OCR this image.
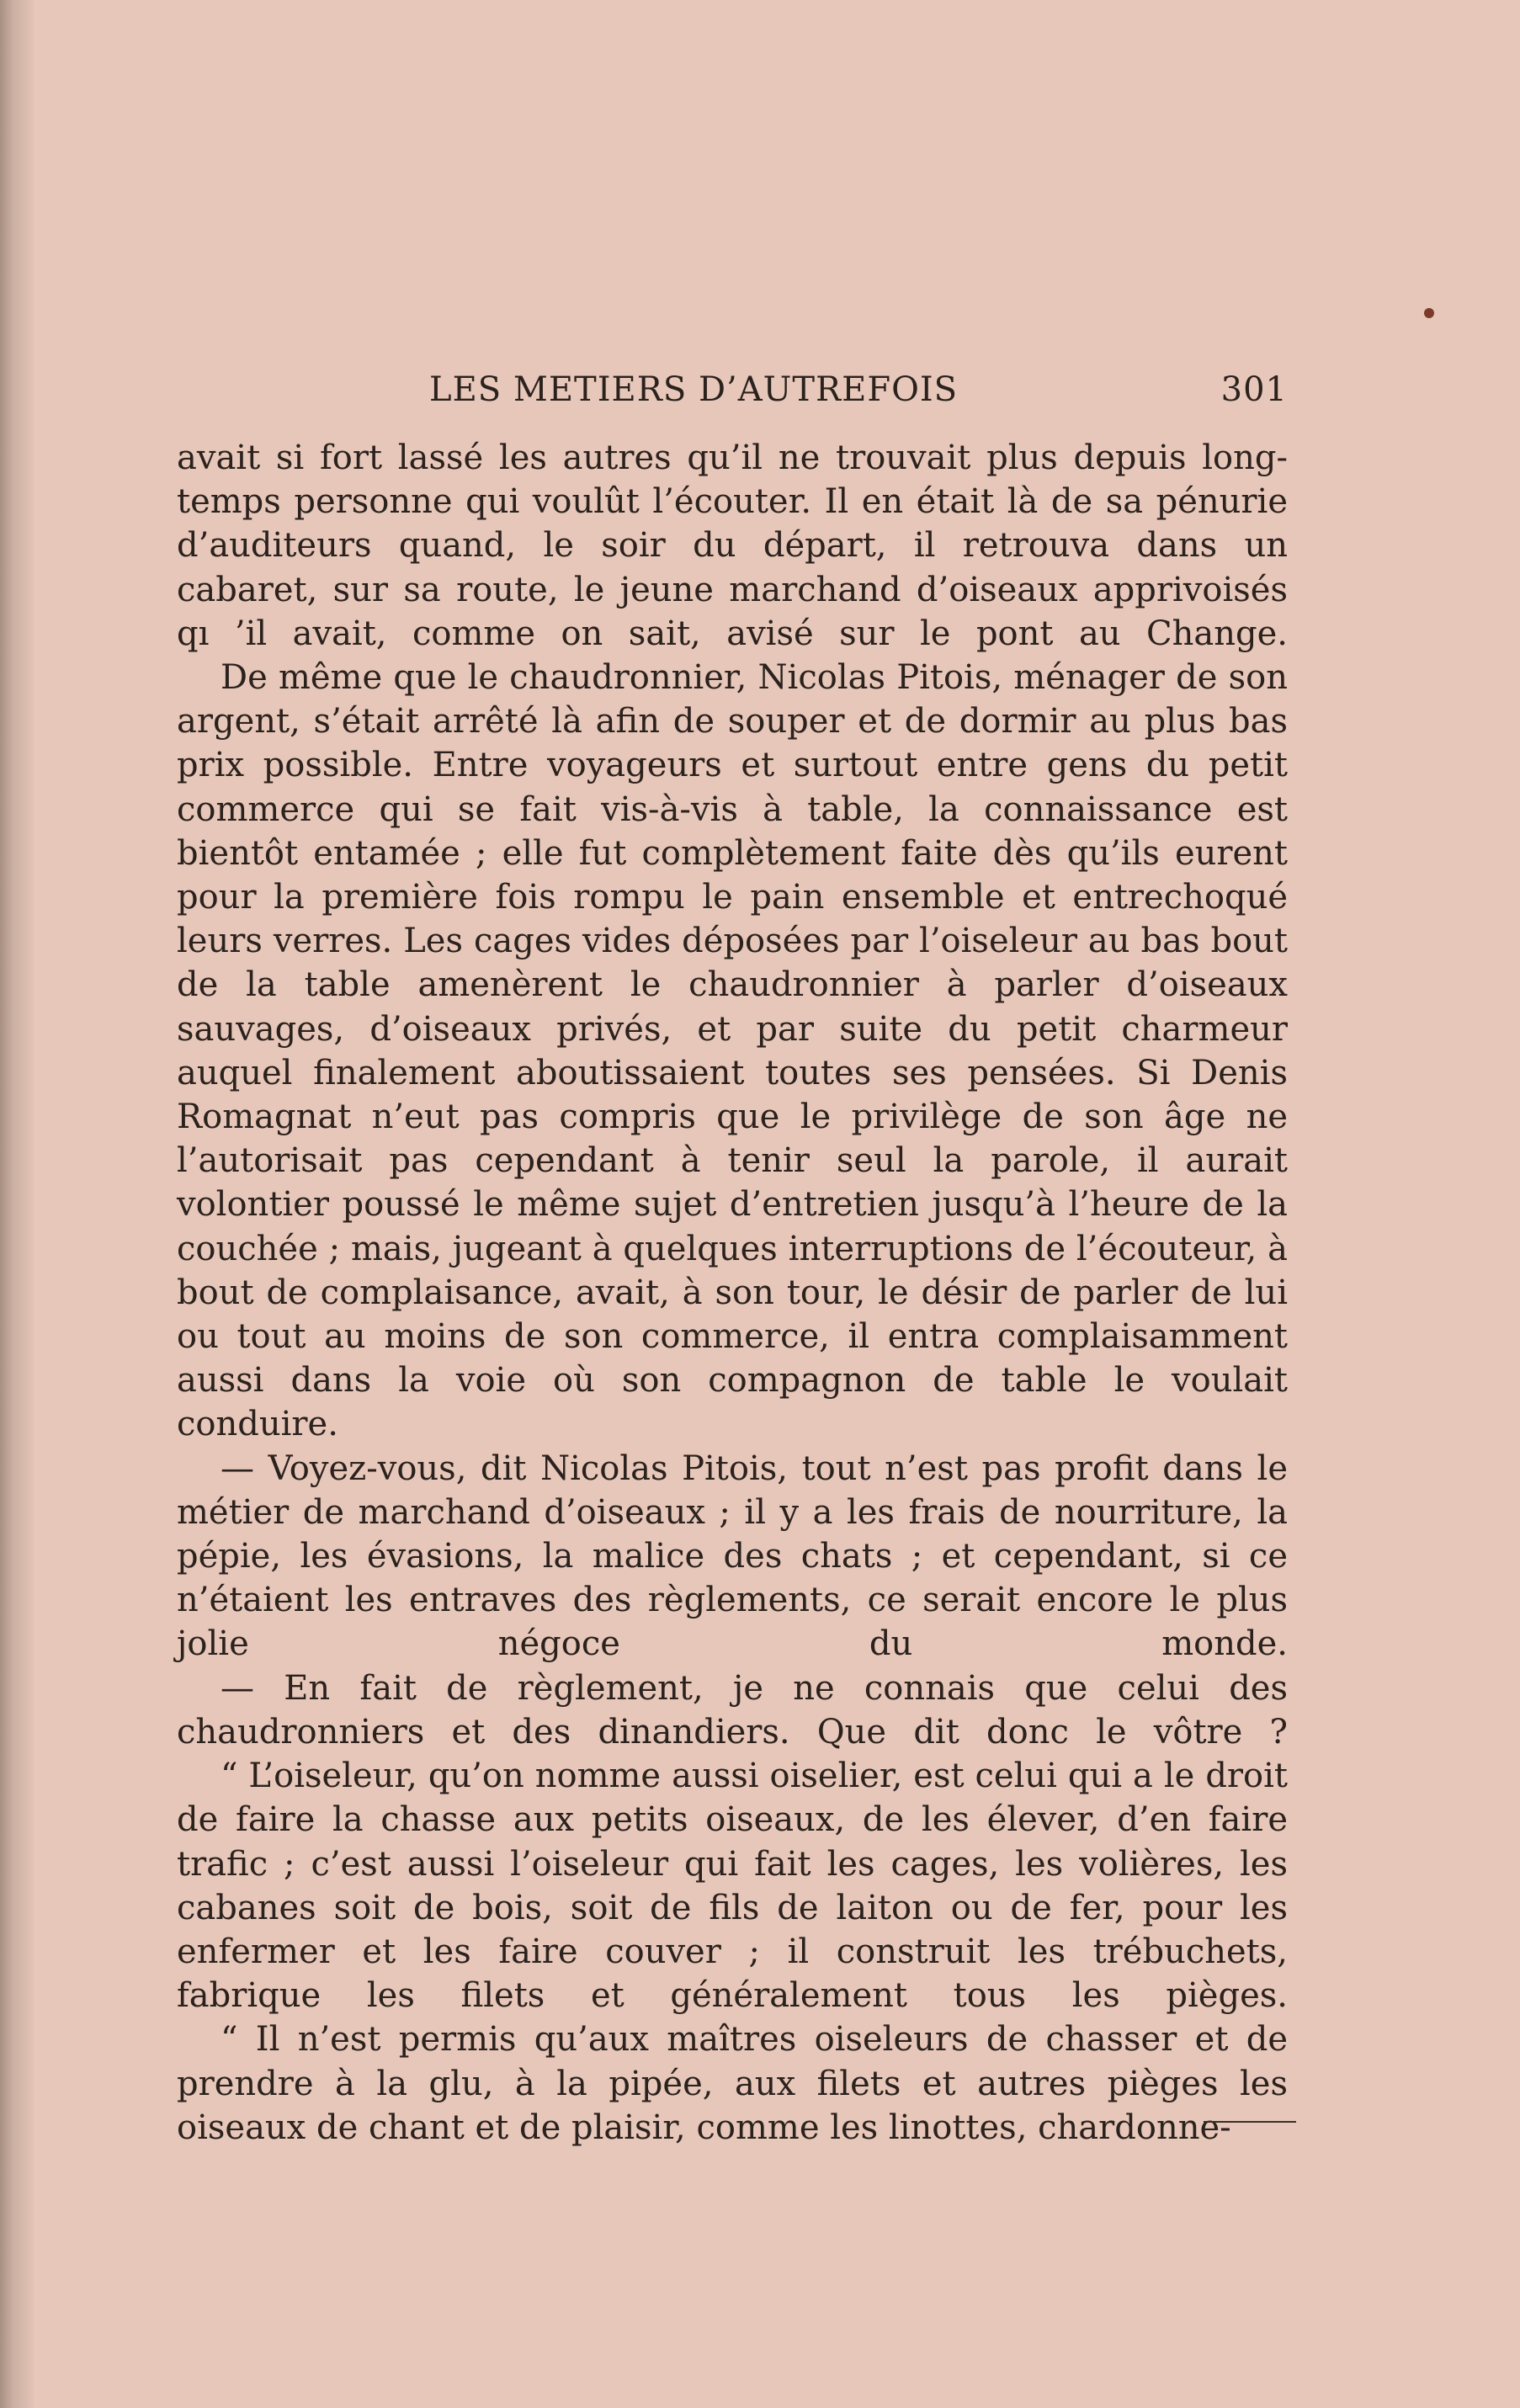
LES METIERS D’AUTREFOIS	301

avait si fort lassé les autres qu’il ne trouvait plus depuis long-temps personne qui voulût l’écouter. Il en était là de sa pénurie d’auditeurs quand, le soir du départ, il retrouva dans un cabaret, sur sa route, le jeune marchand d’oiseaux apprivoisés qı ’il avait, comme on sait, avisé sur le pont au Change.

De même que le chaudronnier, Nicolas Pitois, ménager de son argent, s’était arrêté là afin de souper et de dormir au plus bas prix possible. Entre voyageurs et surtout entre gens du petit commerce qui se fait vis-à-vis à table, la connaissance est bientôt entamée ; elle fut complètement faite dès qu’ils eurent pour la première fois rompu le pain ensemble et entrechoqué leurs verres. Les cages vides déposées par l’oiseleur au bas bout de la table amenèrent le chaudronnier à parler d’oiseaux sauvages, d’oiseaux privés, et par suite du petit charmeur auquel finalement aboutissaient toutes ses pensées. Si Denis Romagnat n’eut pas compris que le privilège de son âge ne l’autorisait pas cependant à tenir seul la parole, il aurait volontier poussé le même sujet d’entretien jusqu’à l’heure de la couchée ; mais, jugeant à quelques interruptions de l’écouteur, à bout de complaisance, avait, à son tour, le désir de parler de lui ou tout au moins de son commerce, il entra complaisamment aussi dans la voie où son compagnon de table le voulait conduire.

— Voyez-vous, dit Nicolas Pitois, tout n’est pas profit dans le métier de marchand d’oiseaux ; il y a les frais de nourriture, la pépie, les évasions, la malice des chats ; et cependant, si ce n’étaient les entraves des règlements, ce serait encore le plus jolie négoce du monde.

— En fait de règlement, je ne connais que celui des chaudronniers et des dinandiers. Que dit donc le vôtre ?

“ L’oiseleur, qu’on nomme aussi oiselier, est celui qui a le droit de faire la chasse aux petits oiseaux, de les élever, d’en faire trafic ; c’est aussi l’oiseleur qui fait les cages, les volières, les cabanes soit de bois, soit de fils de laiton ou de fer, pour les enfermer et les faire couver ; il construit les trébuchets, fabrique les filets et généralement tous les pièges.

“ Il n’est permis qu’aux maîtres oiseleurs de chasser et de prendre à la glu, à la pipée, aux filets et autres pièges les oiseaux de chant et de plaisir, comme les linottes, chardonne-
